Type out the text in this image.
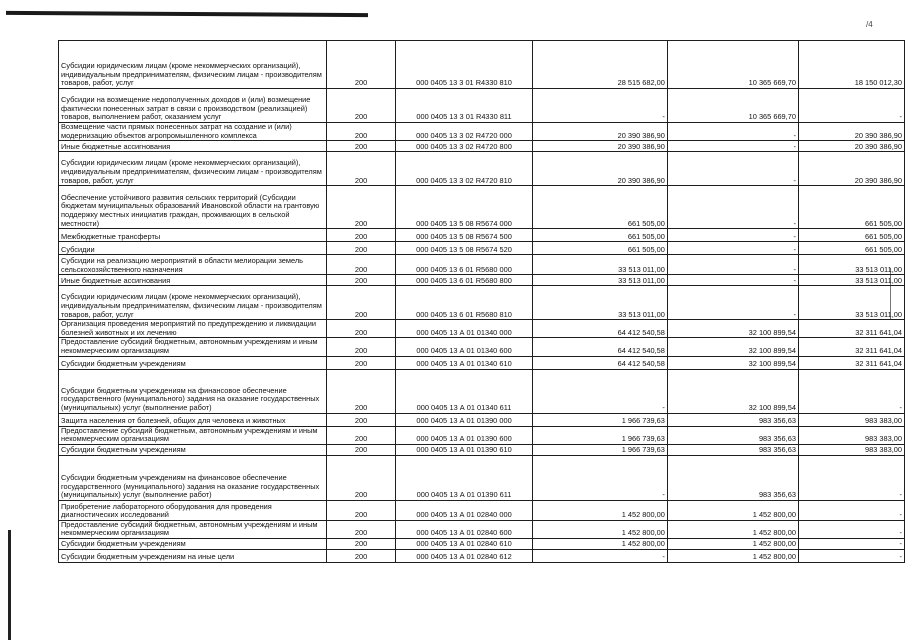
/4
Субсидии юридическим лицам (кроме некоммерческих организаций), индивидуальным предпринимателям, физическим лицам - производителям товаров, работ, услуг	200	000 0405 13 3 01 R4330 810	28 515 682,00	10 365 669,70	18 150 012,30
Субсидии на возмещение недополученных доходов и (или) возмещение фактически понесенных затрат в связи с производством (реализацией) товаров, выполнением работ, оказанием услуг	200	000 0405 13 3 01 R4330 811	-	10 365 669,70	-
Возмещение части прямых понесенных затрат на создание и (или) модернизацию объектов агропромышленного комплекса	200	000 0405 13 3 02 R4720 000	20 390 386,90	-	20 390 386,90
Иные бюджетные ассигнования	200	000 0405 13 3 02 R4720 800	20 390 386,90	-	20 390 386,90
Субсидии юридическим лицам (кроме некоммерческих организаций), индивидуальным предпринимателям, физическим лицам - производителям товаров, работ, услуг	200	000 0405 13 3 02 R4720 810	20 390 386,90	-	20 390 386,90
Обеспечение устойчивого развития сельских территорий (Субсидии бюджетам муниципальных образований Ивановской области на грантовую поддержку местных инициатив граждан, проживающих в сельской местности)	200	000 0405 13 5 08 R5674 000	661 505,00	-	661 505,00
Межбюджетные трансферты	200	000 0405 13 5 08 R5674 500	661 505,00	-	661 505,00
Субсидии	200	000 0405 13 5 08 R5674 520	661 505,00	-	661 505,00
Субсидии на реализацию мероприятий в области мелиорации земель сельскохозяйственного назначения	200	000 0405 13 6 01 R5680 000	33 513 011,00	-	33 513 011,00
Иные бюджетные ассигнования	200	000 0405 13 6 01 R5680 800	33 513 011,00	-	33 513 011,00
Субсидии юридическим лицам (кроме некоммерческих организаций), индивидуальным предпринимателям, физическим лицам - производителям товаров, работ, услуг	200	000 0405 13 6 01 R5680 810	33 513 011,00	-	33 513 011,00
Организация проведения мероприятий по предупреждению и ликвидации болезней животных и их лечению	200	000 0405 13 А 01 01340 000	64 412 540,58	32 100 899,54	32 311 641,04
Предоставление субсидий бюджетным, автономным учреждениям и иным некоммерческим организациям	200	000 0405 13 А 01 01340 600	64 412 540,58	32 100 899,54	32 311 641,04
Субсидии бюджетным учреждениям	200	000 0405 13 А 01 01340 610	64 412 540,58	32 100 899,54	32 311 641,04
Субсидии бюджетным учреждениям на финансовое обеспечение государственного (муниципального) задания на оказание государственных (муниципальных) услуг (выполнение работ)	200	000 0405 13 А 01 01340 611	-	32 100 899,54	-
Защита населения от болезней, общих для человека и животных	200	000 0405 13 А 01 01390 000	1 966 739,63	983 356,63	983 383,00
Предоставление субсидий бюджетным, автономным учреждениям и иным некоммерческим организациям	200	000 0405 13 А 01 01390 600	1 966 739,63	983 356,63	983 383,00
Субсидии бюджетным учреждениям	200	000 0405 13 А 01 01390 610	1 966 739,63	983 356,63	983 383,00
Субсидии бюджетным учреждениям на финансовое обеспечение государственного (муниципального) задания на оказание государственных (муниципальных) услуг (выполнение работ)	200	000 0405 13 А 01 01390 611	-	983 356,63	-
Приобретение лабораторного оборудования для проведения диагностических исследований	200	000 0405 13 А 01 02840 000	1 452 800,00	1 452 800,00	-
Предоставление субсидий бюджетным, автономным учреждениям и иным некоммерческим организациям	200	000 0405 13 А 01 02840 600	1 452 800,00	1 452 800,00	-
Субсидии бюджетным учреждениям	200	000 0405 13 А 01 02840 610	1 452 800,00	1 452 800,00	-
Субсидии бюджетным учреждениям на иные цели	200	000 0405 13 А 01 02840 612	-	1 452 800,00	-
